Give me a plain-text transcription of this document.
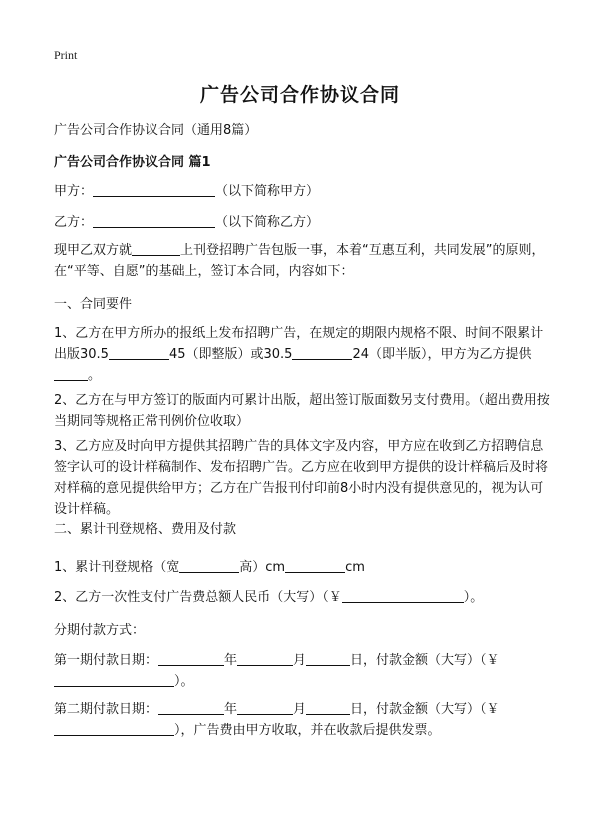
Print
广告公司合作协议合同
广告公司合作协议合同（通用8篇）
广告公司合作协议合同 篇1
甲方：	（以下简称甲方）
乙方：	（以下简称乙方）
现甲乙双方就	上刊登招聘广告包版一事，本着“互惠互利，共同发展”的原则，在“平等、自愿”的基础上，签订本合同，内容如下：
一、合同要件
1、乙方在甲方所办的报纸上发布招聘广告，在规定的期限内规格不限、时间不限累计出版30.5	45（即整版）或30.5	24（即半版），甲方为乙方提供。
2、乙方在与甲方签订的版面内可累计出版，超出签订版面数另支付费用。（超出费用按当期同等规格正常刊例价位收取）
3、乙方应及时向甲方提供其招聘广告的具体文字及内容，甲方应在收到乙方招聘信息签字认可的设计样稿制作、发布招聘广告。乙方应在收到甲方提供的设计样稿后及时将对样稿的意见提供给甲方；乙方在广告报刊付印前8小时内没有提供意见的，视为认可设计样稿。
二、累计刊登规格、费用及付款
1、累计刊登规格（宽	高）cm	cm
2、乙方一次性支付广告费总额人民币（大写）（￥	）。
分期付款方式：
第一期付款日期：	年	月	日，付款金额（大写）（￥）。
第二期付款日期：	年	月	日，付款金额（大写）（￥），广告费由甲方收取，并在收款后提供发票。
